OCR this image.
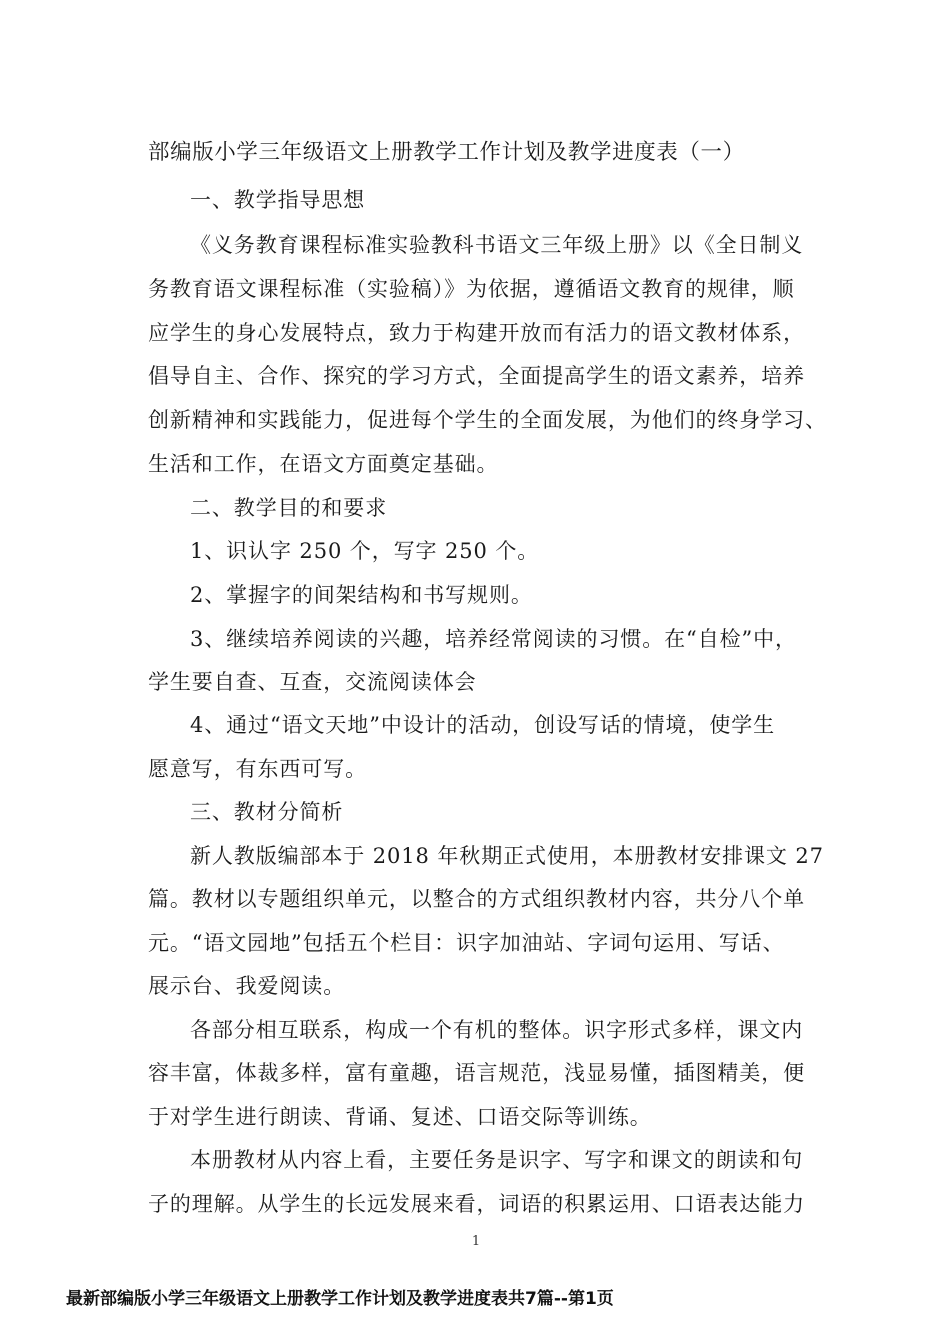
部编版小学三年级语文上册教学工作计划及教学进度表（一）
一、教学指导思想
《义务教育课程标准实验教科书语文三年级上册》以《全日制义
务教育语文课程标准（实验稿）》为依据，遵循语文教育的规律，顺
应学生的身心发展特点，致力于构建开放而有活力的语文教材体系，
倡导自主、合作、探究的学习方式，全面提高学生的语文素养，培养
创新精神和实践能力，促进每个学生的全面发展，为他们的终身学习、
生活和工作，在语文方面奠定基础。
二、教学目的和要求
1、识认字 250 个，写字 250 个。
2、掌握字的间架结构和书写规则。
3、继续培养阅读的兴趣，培养经常阅读的习惯。在“自检”中，
学生要自查、互查，交流阅读体会
4、通过“语文天地”中设计的活动，创设写话的情境，使学生
愿意写，有东西可写。
三、教材分简析
新人教版编部本于 2018 年秋期正式使用，本册教材安排课文 27
篇。教材以专题组织单元，以整合的方式组织教材内容，共分八个单
元。“语文园地”包括五个栏目：识字加油站、字词句运用、写话、
展示台、我爱阅读。
各部分相互联系，构成一个有机的整体。识字形式多样，课文内
容丰富，体裁多样，富有童趣，语言规范，浅显易懂，插图精美，便
于对学生进行朗读、背诵、复述、口语交际等训练。
本册教材从内容上看，主要任务是识字、写字和课文的朗读和句
子的理解。从学生的长远发展来看，词语的积累运用、口语表达能力
1
最新部编版小学三年级语文上册教学工作计划及教学进度表共7篇--第1页
